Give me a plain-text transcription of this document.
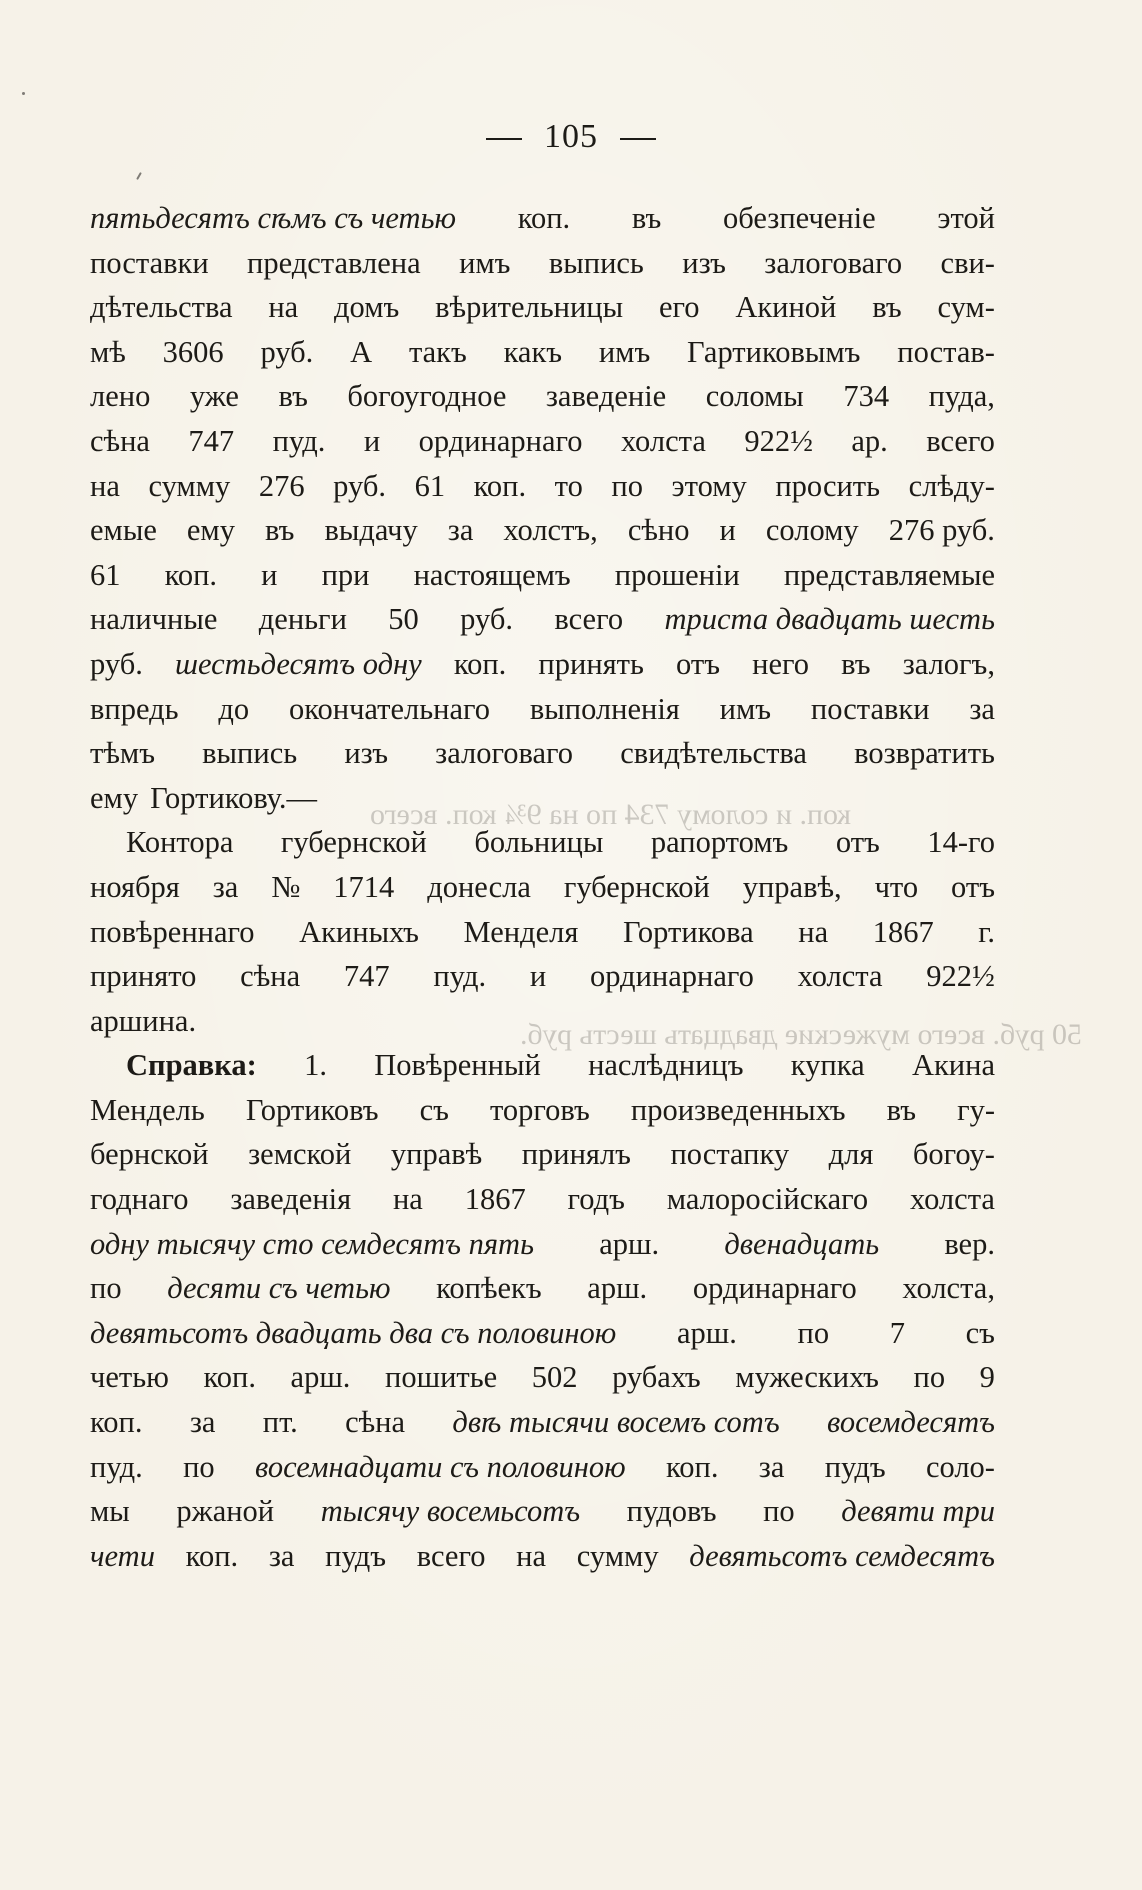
коп. и солому 734 по на 9¾ коп. всего
50 руб. всего мужеские двадцать шесть руб.
105
пятьдесятъ сѣмъ съ четью коп. въ обезпеченіе этой
поставки представлена имъ выпись изъ залоговаго сви-
дѣтельства на домъ вѣрительницы его Акиной въ сум-
мѣ 3606 руб. А такъ какъ имъ Гартиковымъ постав-
лено уже въ богоугодное заведеніе соломы 734 пуда,
сѣна 747 пуд. и ординарнаго холста 922½ ар. всего
на сумму 276 руб. 61 коп. то по этому просить слѣду-
емые ему въ выдачу за холстъ, сѣно и солому 276 руб.
61 коп. и при настоящемъ прошеніи представляемые
наличные деньги 50 руб. всего триста двадцать шесть
руб. шестьдесятъ одну коп. принять отъ него въ залогъ,
впредь до окончательнаго выполненія имъ поставки за
тѣмъ выпись изъ залоговаго свидѣтельства возвратить
ему Гортикову.—
Контора губернской больницы рапортомъ отъ 14-го
ноября за № 1714 донесла губернской управѣ, что отъ
повѣреннаго Акиныхъ Менделя Гортикова на 1867 г.
принято сѣна 747 пуд. и ординарнаго холста 922½
аршина.
Справка: 1. Повѣренный наслѣдницъ купка Акина
Мендель Гортиковъ съ торговъ произведенныхъ въ гу-
бернской земской управѣ принялъ постапку для богоу-
годнаго заведенія на 1867 годъ малоросійскаго холста
одну тысячу сто семдесятъ пять арш. двенадцать вер.
по десяти съ четью копѣекъ арш. ординарнаго холста,
девятьсотъ двадцать два съ половиною арш. по 7 съ
четью коп. арш. пошитье 502 рубахъ мужескихъ по 9
коп. за пт. сѣна двѣ тысячи восемъ сотъ восемдесятъ
пуд. по восемнадцати съ половиною коп. за пудъ соло-
мы ржаной тысячу восемьсотъ пудовъ по девяти три
чети коп. за пудъ всего на сумму девятьсотъ семдесятъ
